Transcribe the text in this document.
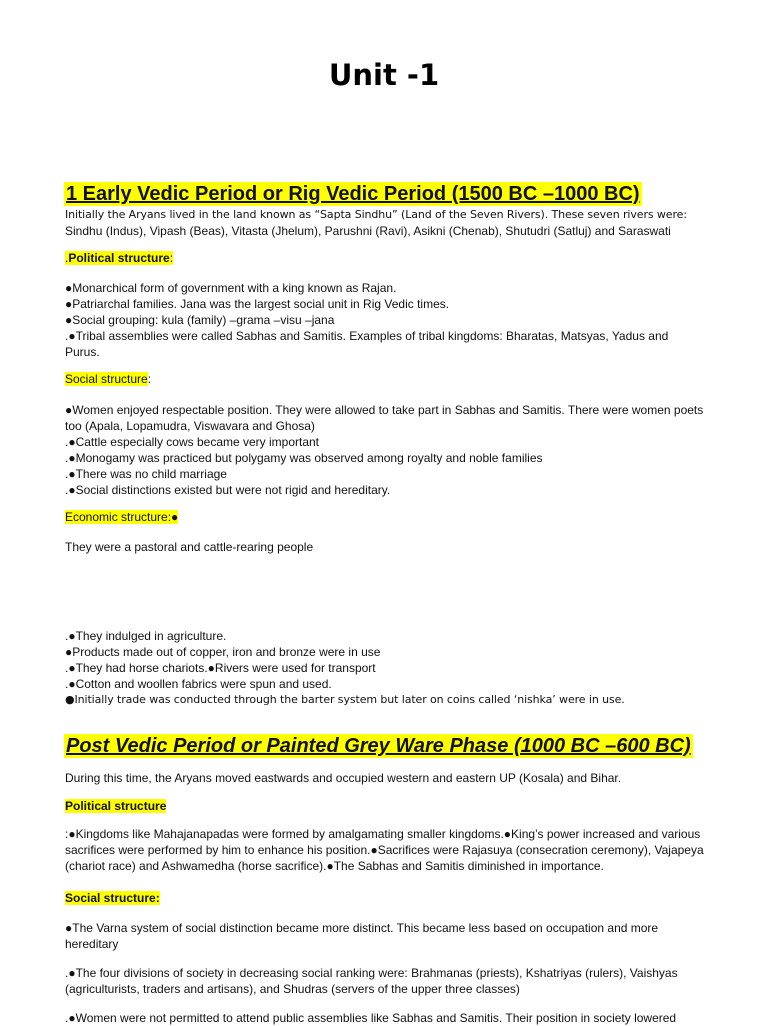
Unit -1
1 Early Vedic Period or Rig Vedic Period (1500 BC –1000 BC)
Initially the Aryans lived in the land known as “Sapta Sindhu” (Land of the Seven Rivers). These seven rivers were:
Sindhu (Indus), Vipash (Beas), Vitasta (Jhelum), Parushni (Ravi), Asikni (Chenab), Shutudri (Satluj) and Saraswati
.Political structure:
●Monarchical form of government with a king known as Rajan.
●Patriarchal families. Jana was the largest social unit in Rig Vedic times.
●Social grouping: kula (family) –grama –visu –jana
.●Tribal assemblies were called Sabhas and Samitis. Examples of tribal kingdoms: Bharatas, Matsyas, Yadus and
Purus.
Social structure:
●Women enjoyed respectable position. They were allowed to take part in Sabhas and Samitis. There were women poets
too (Apala, Lopamudra, Viswavara and Ghosa)
.●Cattle especially cows became very important
.●Monogamy was practiced but polygamy was observed among royalty and noble families
.●There was no child marriage
.●Social distinctions existed but were not rigid and hereditary.
Economic structure:●
They were a pastoral and cattle-rearing people
.●They indulged in agriculture.
●Products made out of copper, iron and bronze were in use
.●They had horse chariots.●Rivers were used for transport
.●Cotton and woollen fabrics were spun and used.
●Initially trade was conducted through the barter system but later on coins called ‘nishka’ were in use.
Post Vedic Period or Painted Grey Ware Phase (1000 BC –600 BC)
During this time, the Aryans moved eastwards and occupied western and eastern UP (Kosala) and Bihar.
Political structure
:●Kingdoms like Mahajanapadas were formed by amalgamating smaller kingdoms.●King’s power increased and various
sacrifices were performed by him to enhance his position.●Sacrifices were Rajasuya (consecration ceremony), Vajapeya
(chariot race) and Ashwamedha (horse sacrifice).●The Sabhas and Samitis diminished in importance.
Social structure:
●The Varna system of social distinction became more distinct. This became less based on occupation and more
hereditary
.●The four divisions of society in decreasing social ranking were: Brahmanas (priests), Kshatriyas (rulers), Vaishyas
(agriculturists, traders and artisans), and Shudras (servers of the upper three classes)
.●Women were not permitted to attend public assemblies like Sabhas and Samitis. Their position in society lowered
